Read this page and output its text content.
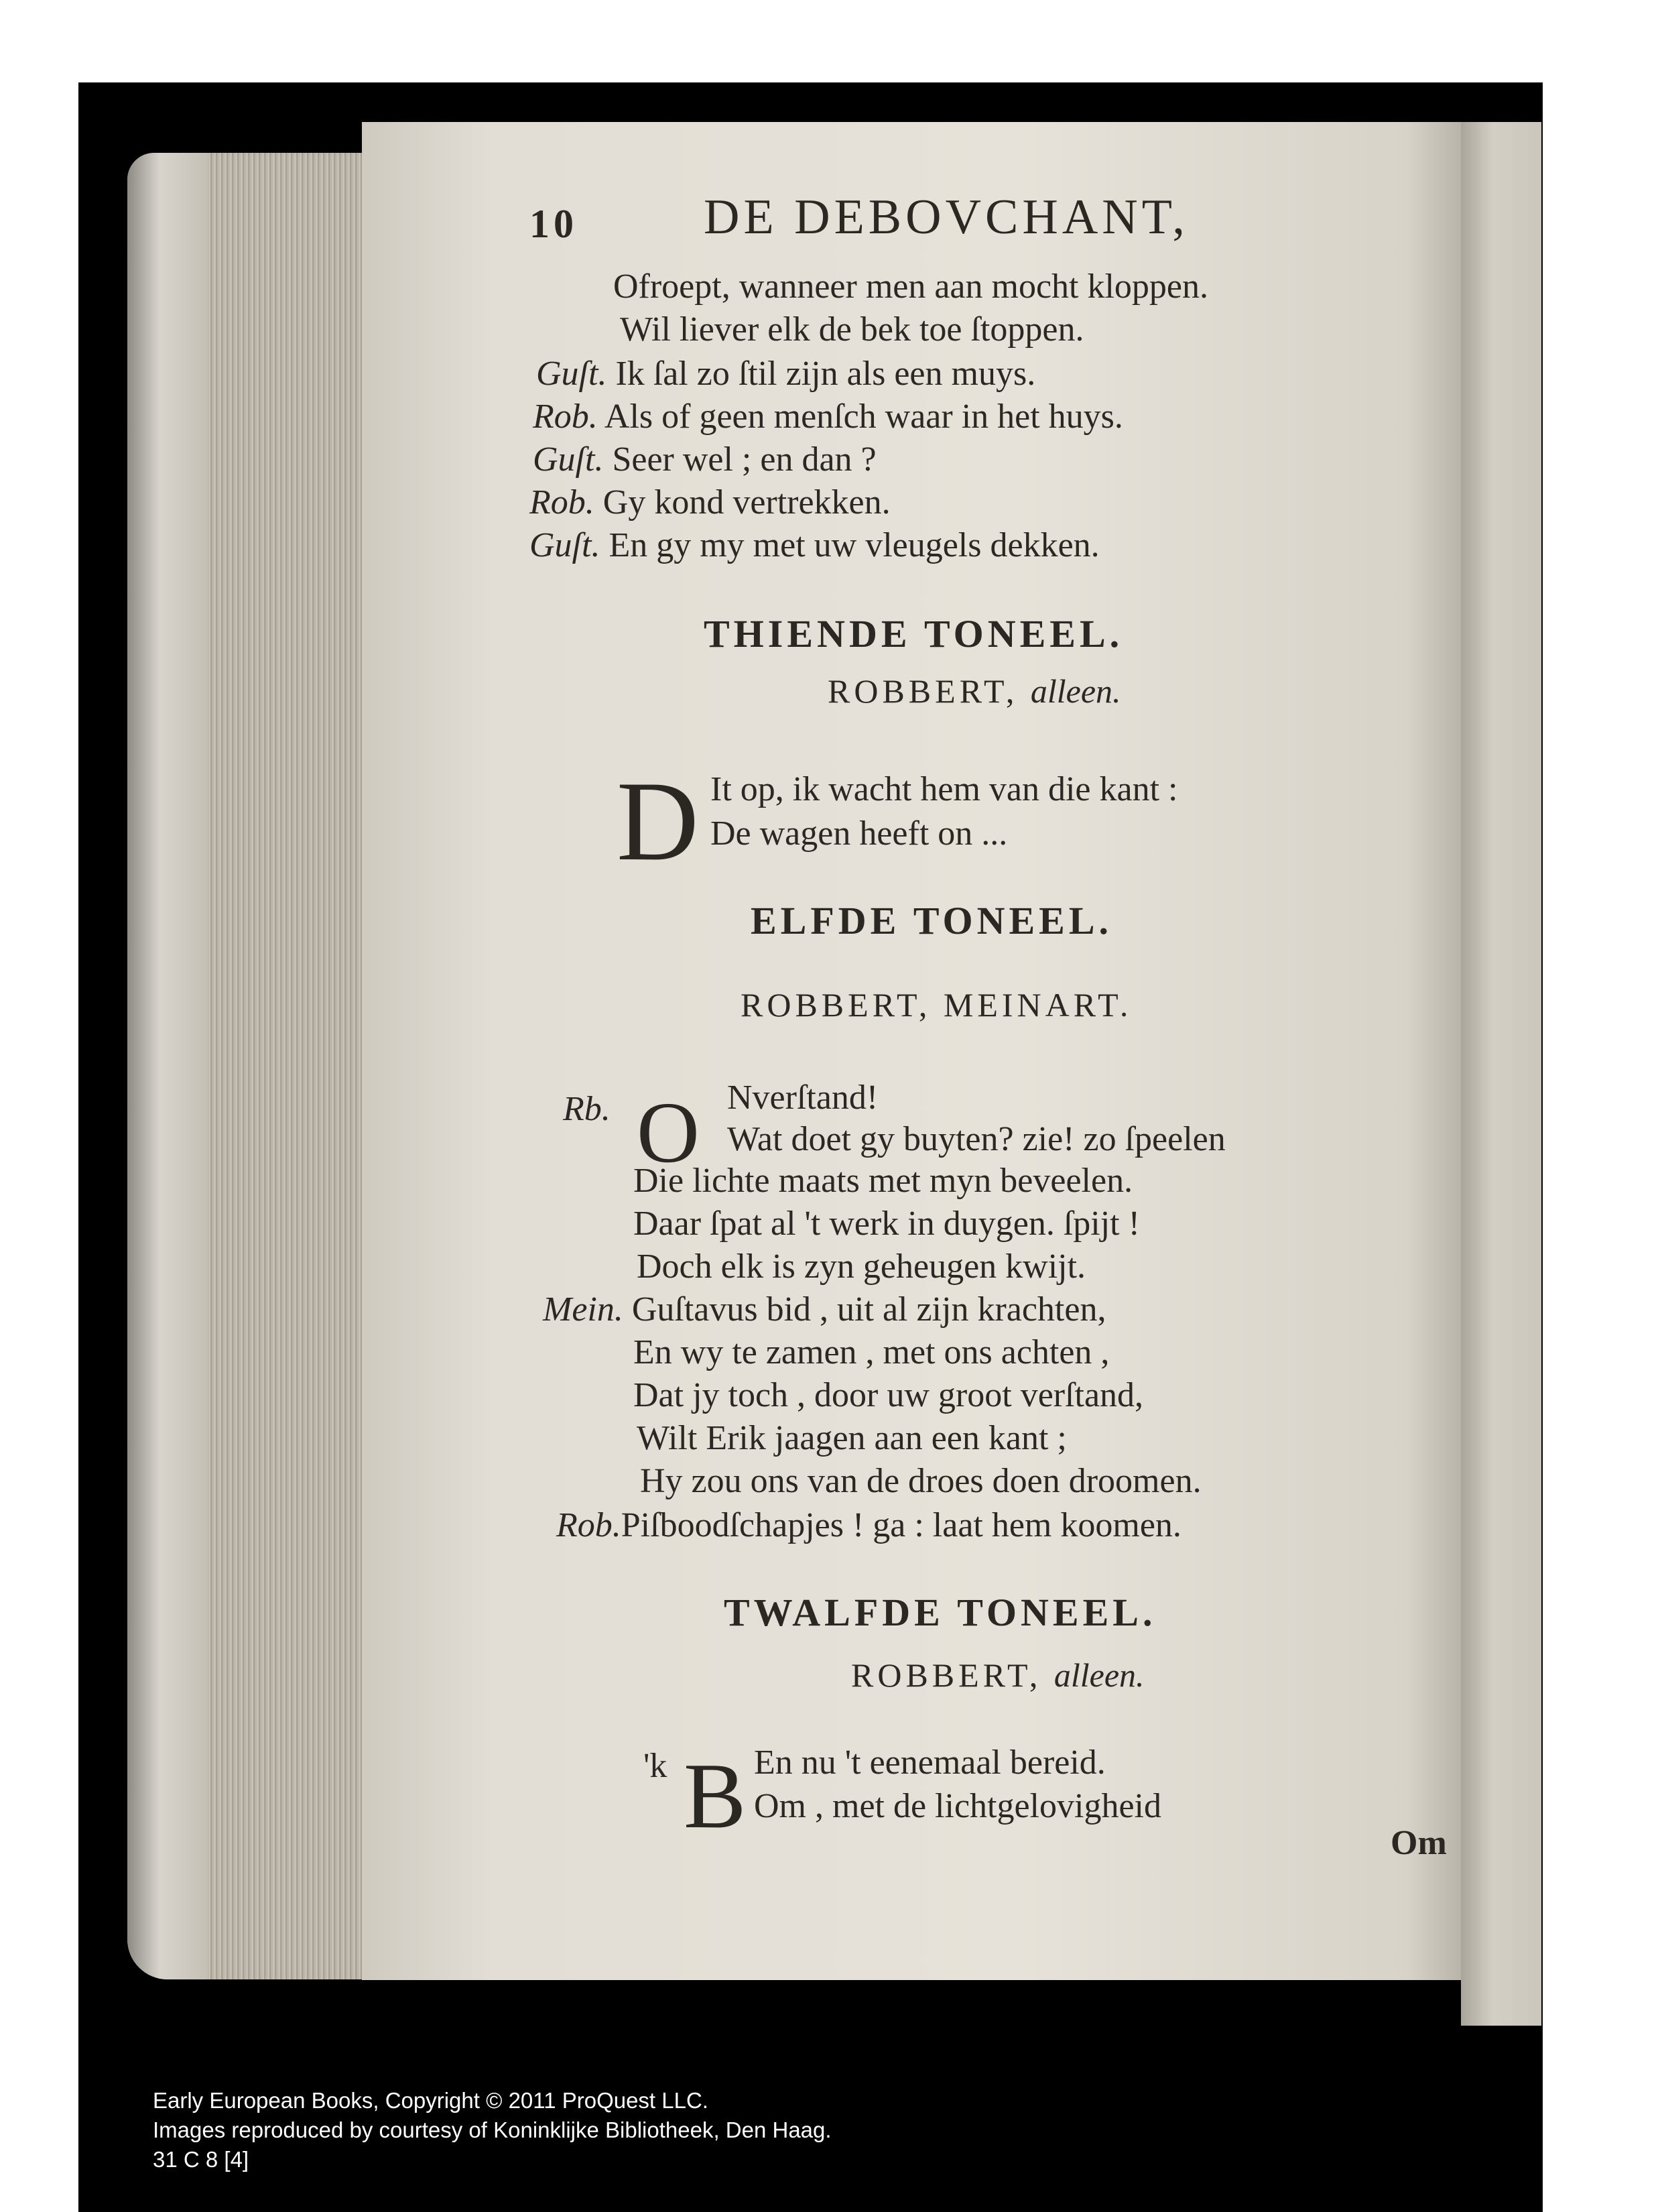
10	DE DEBOVCHANT,
Ofroept, wanneer men aan mocht kloppen.
Wil liever elk de bek toe ſtoppen.
Guſt. Ik ſal zo ſtil zijn als een muys.
Rob. Als of geen menſch waar in het huys.
Guſt. Seer wel ; en dan ?
Rob. Gy kond vertrekken.
Guſt. En gy my met uw vleugels dekken.
THIENDE TONEEL.
ROBBERT, alleen.
D It op, ik wacht hem van die kant :
De wagen heeft on ...
ELFDE TONEEL.
ROBBERT, MEINART.
Rb. O Nverſtand!
Wat doet gy buyten? zie! zo ſpeelen
Die lichte maats met myn beveelen.
Daar ſpat al 't werk in duygen. ſpijt !
Doch elk is zyn geheugen kwijt.
Mein. Guſtavus bid , uit al zijn krachten,
En wy te zamen , met ons achten ,
Dat jy toch , door uw groot verſtand,
Wilt Erik jaagen aan een kant ;
Hy zou ons van de droes doen droomen.
Rob.Piſboodſchapjes ! ga : laat hem koomen.
TWALFDE TONEEL.
ROBBERT, alleen.
'k B En nu 't eenemaal bereid.
Om , met de lichtgelovigheid
Om
Early European Books, Copyright © 2011 ProQuest LLC.
Images reproduced by courtesy of Koninklijke Bibliotheek, Den Haag.
31 C 8 [4]
